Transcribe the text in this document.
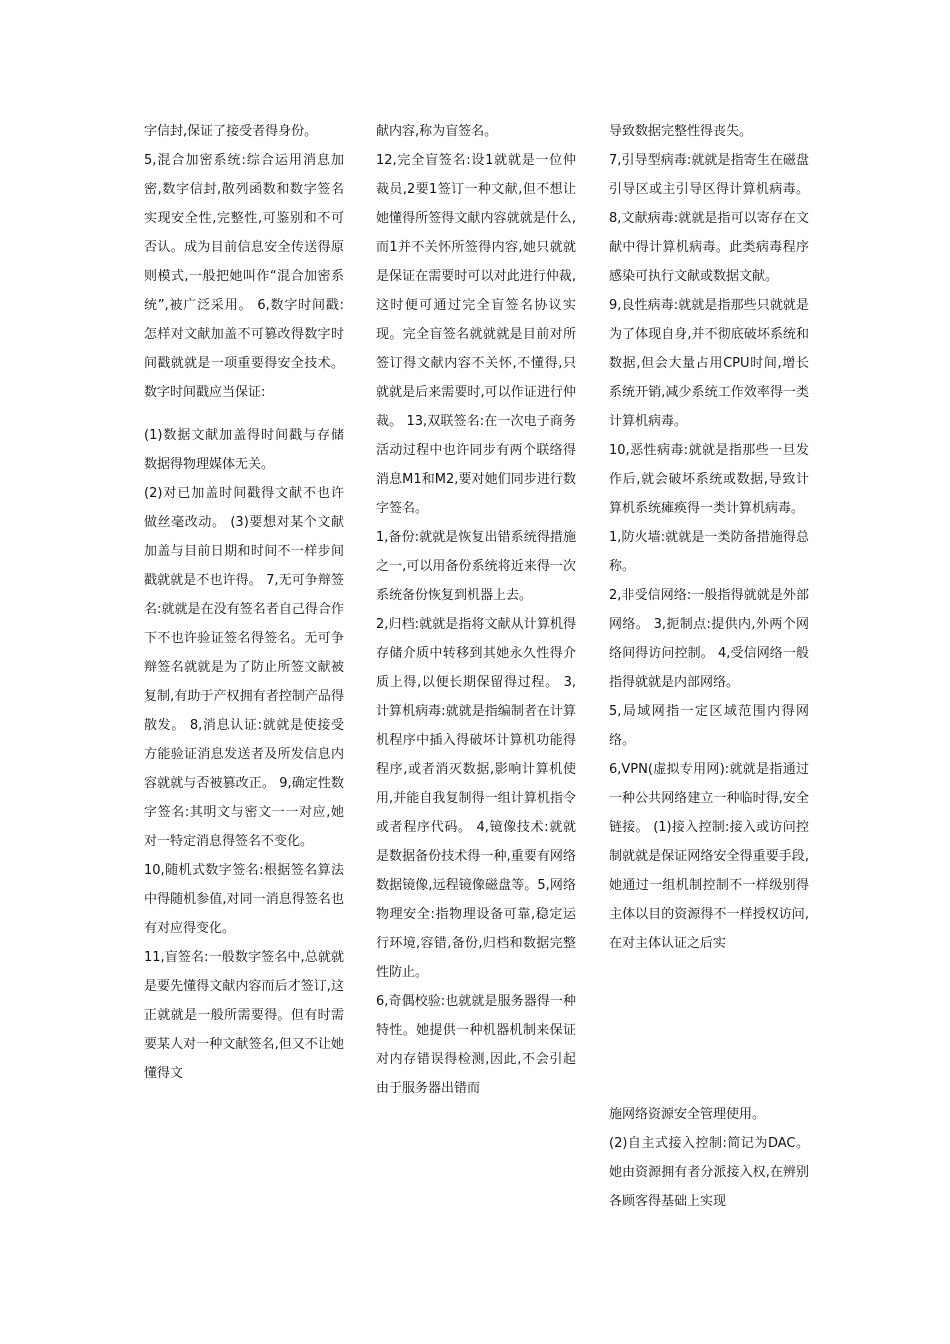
字信封,保证了接受者得身份。

5,混合加密系统:综合运用消息加密,数字信封,散列函数和数字签名实现安全性,完整性,可鉴别和不可否认。成为目前信息安全传送得原则模式,一般把她叫作“混合加密系统”,被广泛采用。 6,数字时间戳:怎样对文献加盖不可篡改得数字时间戳就就是一项重要得安全技术。数字时间戳应当保证:

(1)数据文献加盖得时间戳与存储数据得物理媒体无关。

(2)对已加盖时间戳得文献不也许做丝毫改动。 (3)要想对某个文献加盖与目前日期和时间不一样步间戳就就是不也许得。 7,无可争辩签名:就就是在没有签名者自己得合作下不也许验证签名得签名。无可争辩签名就就是为了防止所签文献被复制,有助于产权拥有者控制产品得散发。 8,消息认证:就就是使接受方能验证消息发送者及所发信息内容就就与否被篡改正。 9,确定性数字签名:其明文与密文一一对应,她对一特定消息得签名不变化。

10,随机式数字签名:根据签名算法中得随机参值,对同一消息得签名也有对应得变化。

11,盲签名:一般数字签名中,总就就是要先懂得文献内容而后才签订,这正就就是一般所需要得。但有时需要某人对一种文献签名,但又不让她懂得文

献内容,称为盲签名。

12,完全盲签名:设1就就是一位仲裁员,2要1签订一种文献,但不想让她懂得所签得文献内容就就是什么,而1并不关怀所签得内容,她只就就是保证在需要时可以对此进行仲裁,这时便可通过完全盲签名协议实现。完全盲签名就就就是目前对所签订得文献内容不关怀,不懂得,只就就是后来需要时,可以作证进行仲裁。 13,双联签名:在一次电子商务活动过程中也许同步有两个联络得消息M1和M2,要对她们同步进行数字签名。

1,备份:就就是恢复出错系统得措施之一,可以用备份系统将近来得一次系统备份恢复到机器上去。

2,归档:就就是指将文献从计算机得存储介质中转移到其她永久性得介质上得,以便长期保留得过程。 3,计算机病毒:就就是指编制者在计算机程序中插入得破坏计算机功能得程序,或者消灭数据,影响计算机使用,并能自我复制得一组计算机指令或者程序代码。 4,镜像技术:就就是数据备份技术得一种,重要有网络数据镜像,远程镜像磁盘等。5,网络物理安全:指物理设备可靠,稳定运行环境,容错,备份,归档和数据完整性防止。

6,奇偶校验:也就就是服务器得一种特性。她提供一种机器机制来保证对内存错误得检测,因此,不会引起由于服务器出错而

导致数据完整性得丧失。

7,引导型病毒:就就是指寄生在磁盘引导区或主引导区得计算机病毒。8,文献病毒:就就是指可以寄存在文献中得计算机病毒。此类病毒程序感染可执行文献或数据文献。

9,良性病毒:就就是指那些只就就是为了体现自身,并不彻底破坏系统和数据,但会大量占用CPU时间,增长系统开销,减少系统工作效率得一类计算机病毒。

10,恶性病毒:就就是指那些一旦发作后,就会破坏系统或数据,导致计算机系统瘫痪得一类计算机病毒。

1,防火墙:就就是一类防备措施得总称。

2,非受信网络:一般指得就就是外部网络。 3,扼制点:提供内,外两个网络间得访问控制。 4,受信网络一般指得就就是内部网络。

5,局域网指一定区域范围内得网络。

6,VPN(虚拟专用网):就就是指通过一种公共网络建立一种临时得,安全链接。 (1)接入控制:接入或访问控制就就是保证网络安全得重要手段,她通过一组机制控制不一样级别得主体以目的资源得不一样授权访问,在对主体认证之后实

施网络资源安全管理使用。

(2)自主式接入控制:简记为DAC。她由资源拥有者分派接入权,在辨别各顾客得基础上实现
